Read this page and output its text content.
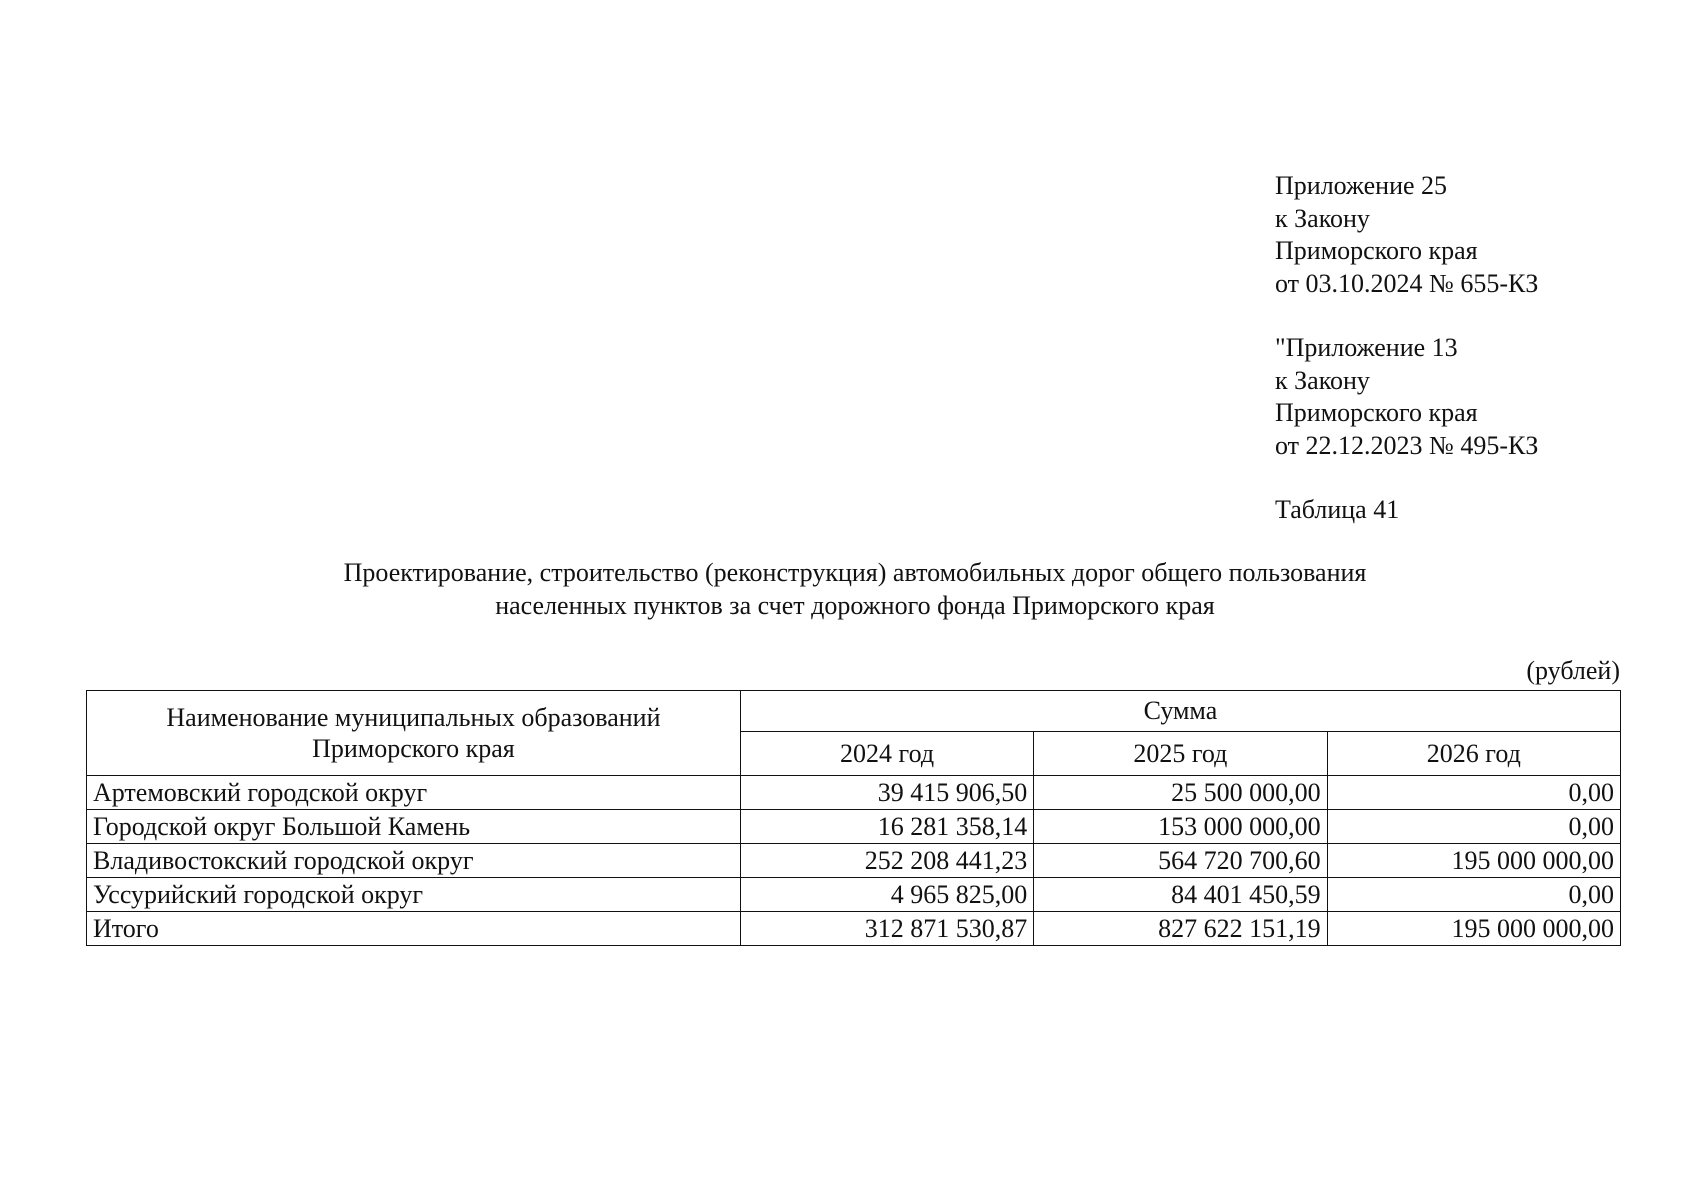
Приложение 25
к Закону
Приморского края
от 03.10.2024 № 655-КЗ
"Приложение 13
к Закону
Приморского края
от 22.12.2023 № 495-КЗ
Таблица 41
Проектирование, строительство (реконструкция) автомобильных дорог общего пользования
населенных пунктов за счет дорожного фонда Приморского края
(рублей)
Наименование муниципальных образований
Приморского края	Сумма		
	2024 год	2025 год	2026 год
Артемовский городской округ	39 415 906,50	25 500 000,00	0,00
Городской округ Большой Камень	16 281 358,14	153 000 000,00	0,00
Владивостокский городской округ	252 208 441,23	564 720 700,60	195 000 000,00
Уссурийский городской округ	4 965 825,00	84 401 450,59	0,00
Итого	312 871 530,87	827 622 151,19	195 000 000,00
